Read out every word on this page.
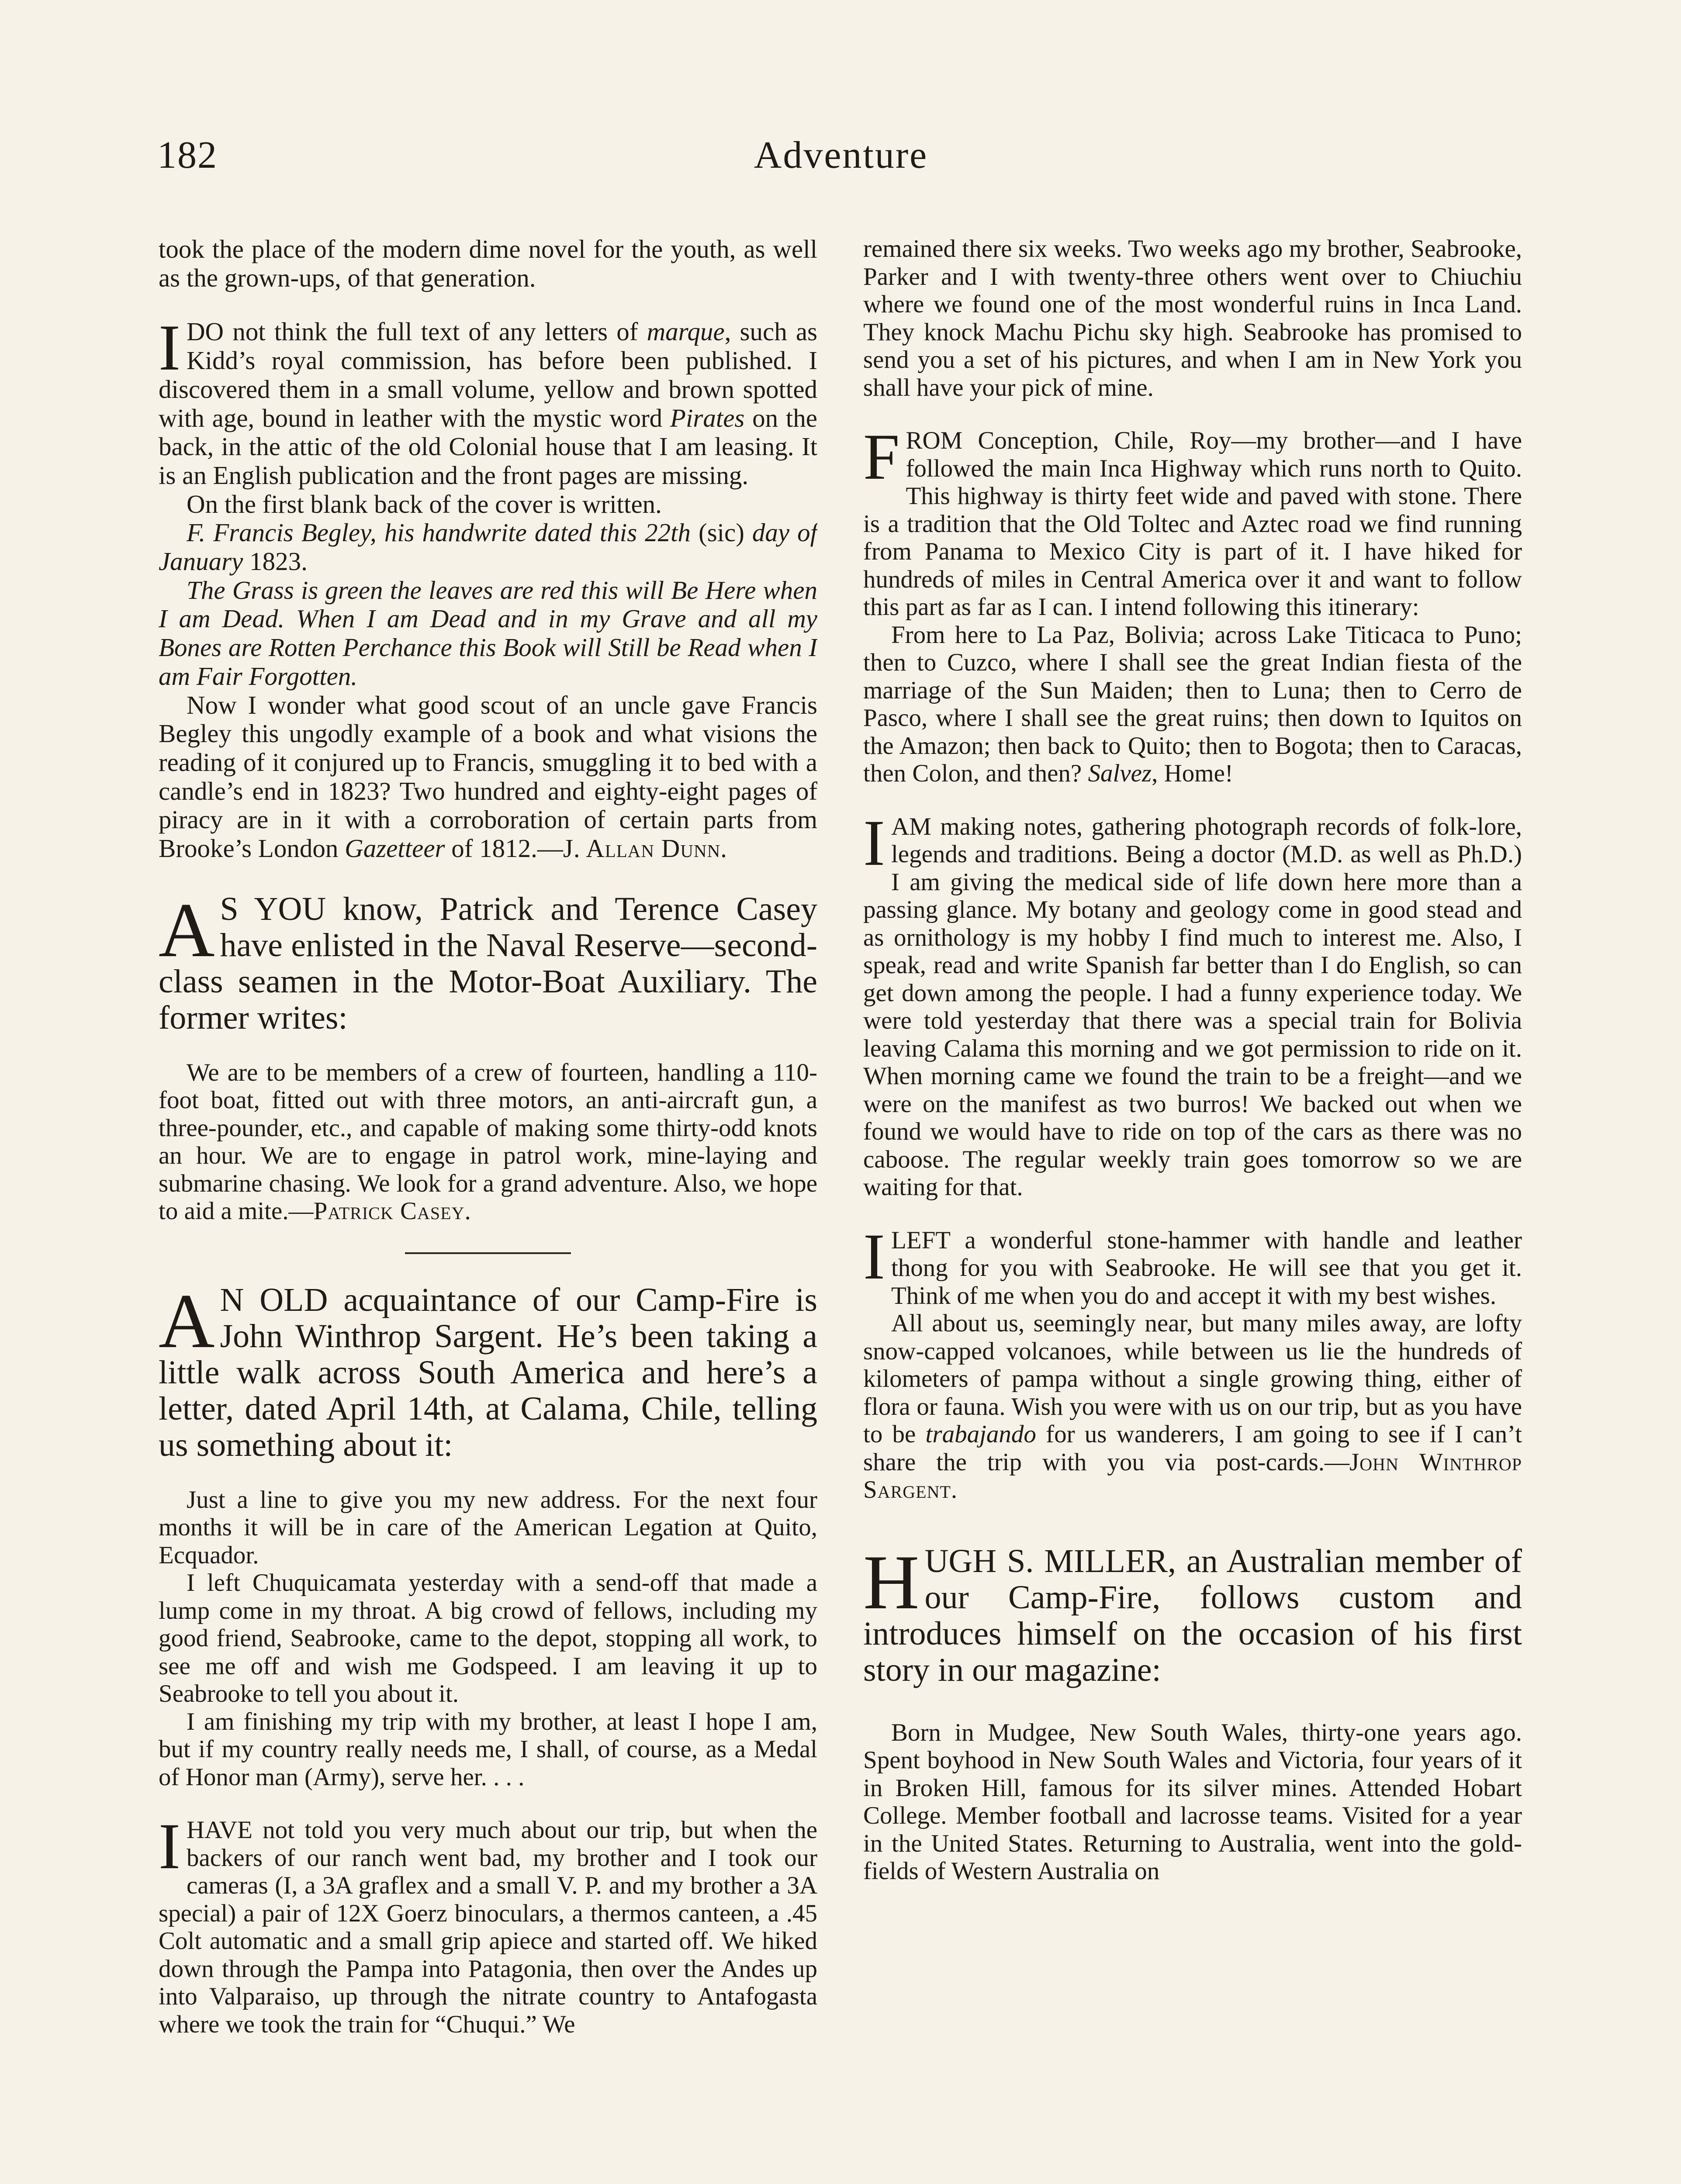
182	Adventure

took the place of the modern dime novel for the youth, as well as the grown-ups, of that generation.

IDO not think the full text of any letters of marque, such as Kidd’s royal commission, has before been published. I discovered them in a small volume, yellow and brown spotted with age, bound in leather with the mystic word Pirates on the back, in the attic of the old Colonial house that I am leasing. It is an English publication and the front pages are missing.

On the first blank back of the cover is written.

F. Francis Begley, his handwrite dated this 22th (sic) day of January 1823.

The Grass is green the leaves are red this will Be Here when I am Dead. When I am Dead and in my Grave and all my Bones are Rotten Perchance this Book will Still be Read when I am Fair Forgotten.

Now I wonder what good scout of an uncle gave Francis Begley this ungodly example of a book and what visions the reading of it conjured up to Francis, smuggling it to bed with a candle’s end in 1823? Two hundred and eighty-eight pages of piracy are in it with a corroboration of certain parts from Brooke’s London Gazetteer of 1812.—J. Allan Dunn.

AS YOU know, Patrick and Terence Casey have enlisted in the Naval Reserve—second-class seamen in the Motor-Boat Auxiliary. The former writes:

We are to be members of a crew of fourteen, handling a 110-foot boat, fitted out with three motors, an anti-aircraft gun, a three-pounder, etc., and capable of making some thirty-odd knots an hour. We are to engage in patrol work, mine-laying and submarine chasing. We look for a grand adventure. Also, we hope to aid a mite.—Patrick Casey.

AN OLD acquaintance of our Camp-Fire is John Winthrop Sargent. He’s been taking a little walk across South America and here’s a letter, dated April 14th, at Calama, Chile, telling us something about it:

Just a line to give you my new address. For the next four months it will be in care of the American Legation at Quito, Ecquador.

I left Chuquicamata yesterday with a send-off that made a lump come in my throat. A big crowd of fellows, including my good friend, Seabrooke, came to the depot, stopping all work, to see me off and wish me Godspeed. I am leaving it up to Seabrooke to tell you about it.

I am finishing my trip with my brother, at least I hope I am, but if my country really needs me, I shall, of course, as a Medal of Honor man (Army), serve her. . . .

IHAVE not told you very much about our trip, but when the backers of our ranch went bad, my brother and I took our cameras (I, a 3A graflex and a small V. P. and my brother a 3A special) a pair of 12X Goerz binoculars, a thermos canteen, a .45 Colt automatic and a small grip apiece and started off. We hiked down through the Pampa into Patagonia, then over the Andes up into Valparaiso, up through the nitrate country to Antafogasta where we took the train for “Chuqui.” We

remained there six weeks. Two weeks ago my brother, Seabrooke, Parker and I with twenty-three others went over to Chiuchiu where we found one of the most wonderful ruins in Inca Land. They knock Machu Pichu sky high. Seabrooke has promised to send you a set of his pictures, and when I am in New York you shall have your pick of mine.

FROM Conception, Chile, Roy—my brother—and I have followed the main Inca Highway which runs north to Quito. This highway is thirty feet wide and paved with stone. There is a tradition that the Old Toltec and Aztec road we find running from Panama to Mexico City is part of it. I have hiked for hundreds of miles in Central America over it and want to follow this part as far as I can. I intend following this itinerary:

From here to La Paz, Bolivia; across Lake Titicaca to Puno; then to Cuzco, where I shall see the great Indian fiesta of the marriage of the Sun Maiden; then to Luna; then to Cerro de Pasco, where I shall see the great ruins; then down to Iquitos on the Amazon; then back to Quito; then to Bogota; then to Caracas, then Colon, and then? Salvez, Home!

IAM making notes, gathering photograph records of folk-lore, legends and traditions. Being a doctor (M.D. as well as Ph.D.) I am giving the medical side of life down here more than a passing glance. My botany and geology come in good stead and as ornithology is my hobby I find much to interest me. Also, I speak, read and write Spanish far better than I do English, so can get down among the people. I had a funny experience today. We were told yesterday that there was a special train for Bolivia leaving Calama this morning and we got permission to ride on it. When morning came we found the train to be a freight—and we were on the manifest as two burros! We backed out when we found we would have to ride on top of the cars as there was no caboose. The regular weekly train goes tomorrow so we are waiting for that.

ILEFT a wonderful stone-hammer with handle and leather thong for you with Seabrooke. He will see that you get it. Think of me when you do and accept it with my best wishes.

All about us, seemingly near, but many miles away, are lofty snow-capped volcanoes, while between us lie the hundreds of kilometers of pampa without a single growing thing, either of flora or fauna. Wish you were with us on our trip, but as you have to be trabajando for us wanderers, I am going to see if I can’t share the trip with you via post-cards.—John Winthrop Sargent.

HUGH S. MILLER, an Australian member of our Camp-Fire, follows custom and introduces himself on the occasion of his first story in our magazine:

Born in Mudgee, New South Wales, thirty-one years ago. Spent boyhood in New South Wales and Victoria, four years of it in Broken Hill, famous for its silver mines. Attended Hobart College. Member football and lacrosse teams. Visited for a year in the United States. Returning to Australia, went into the gold-fields of Western Australia on
